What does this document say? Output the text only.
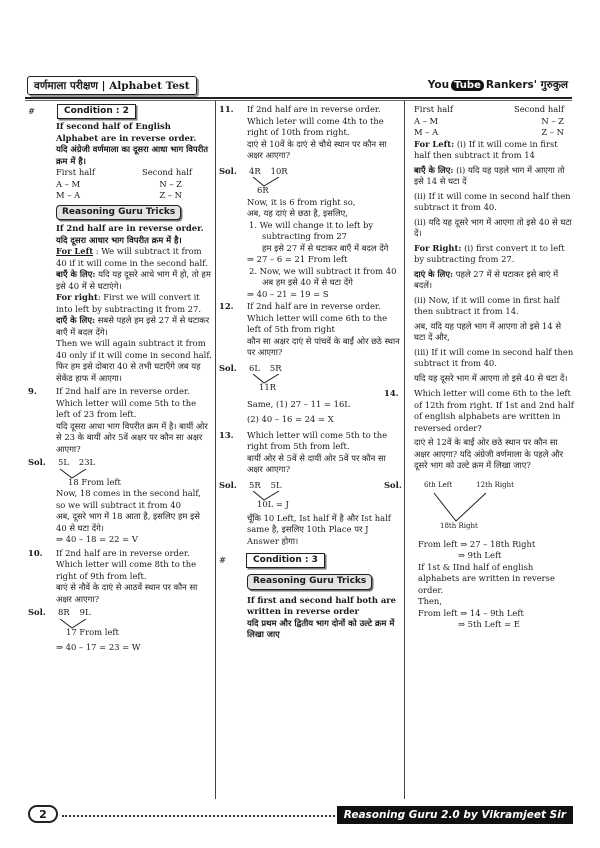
वर्णमाला परीक्षण | Alphabet Test	You Tube Rankers' गुरुकुल
#	Condition : 2

If second half of English Alphabet are in reverse order.

यदि अंग्रेजी वर्णमाला का दूसरा आधा भाग विपरीत क्रम में है।

First half	Second half
A – M	N – Z
M – A	Z – N
Reasoning Guru Tricks

If 2nd half are in reverse order.

यदि दूसरा आधार भाग विपरीत क्रम में है।

For Left : We will subtract it from 40 if it will come in the second half.

बाएँ के लिए: यदि यह दूसरे आधे भाग में हो, तो हम इसे 40 में से घटाएंगे।

For right: First we will convert it into left by subtracting it from 27.

दाएँ के लिए: सबसे पहले हम इसे 27 में से घटाकर बाएँ में बदल देंगे।

Then we will again subtract it from 40 only if it will come in second half.

फिर हम इसे दोबारा 40 से तभी घटाएँगे जब यह सेकेंड हाफ में आएगा।

9.	If 2nd half are in reverse order. Which letter will come 5th to the left of 23 from left.

यदि दूसरा आधा भाग विपरीत क्रम में है। बायीं ओर से 23 के बायीं ओर 5वें अक्षर पर कौन सा अक्षर आएगा?

Sol.	5L 23L

18 From left

Now, 18 comes in the second half, so we will subtract it from 40

अब, दूसरे भाग में 18 आता है, इसलिए हम इसे 40 से घटा देंगे।

⇒ 40 – 18 = 22 = V

10.	If 2nd half are in reverse order. Which letter will come 8th to the right of 9th from left.

बाएं से नौवें के दाएं से आठवें स्थान पर कौन सा अक्षर आएगा?

Sol.	8R 9L

17 From left

⇒ 40 – 17 = 23 = W

11.	If 2nd half are in reverse order. Which leter will come 4th to the right of 10th from right.

दाएं से 10वें के दाएं से चौथे स्थान पर कौन सा अक्षर आएगा?

Sol.	4R 10R

6R

Now, it is 6 from right so,

अब, यह दाएं से छठा है, इसलिए,

1. We will change it to left by subtracting from 27

हम इसे 27 में से घटाकर बाएँ में बदल देंगे

⇒ 27 – 6 = 21 From left

2. Now, we will subtract it from 40

अब हम इसे 40 में से घटा देंगे

⇒ 40 – 21 = 19 = S

12.	If 2nd half are in reverse order. Which letter will come 6th to the left of 5th from right

कौन सा अक्षर दाएं से पांचवें के बाईं ओर छठे स्थान पर आएगा?

Sol.	6L 5R

11R

Same, (1) 27 – 11 = 16L

(2) 40 – 16 = 24 = X

13.	Which letter will come 5th to the right from 5th from left.

बायीं ओर से 5वें से दायीं ओर 5वें पर कौन सा अक्षर आएगा?

Sol.	5R 5L

10L = J

चूँकि 10 Left, Ist half में है और Ist half same है, इसलिए 10th Place पर J Answer होगा।

#	Condition : 3
Reasoning Guru Tricks

If first and second half both are written in reverse order

यदि प्रथम और द्वितीय भाग दोनों को उल्टे क्रम में लिखा जाए

First half	Second half
A – M	N – Z
M – A	Z – N

For Left: (i) If it will come in first half then subtract it from 14

बाएँ के लिए: (i) यदि यह पहले भाग में आएगा तो इसे 14 से घटा दें

(ii) If it will come in second half then subtract it from 40.

(ii) यदि यह दूसरे भाग में आएगा तो इसे 40 से घटा दें।

For Right: (i) first convert it to left by subtracting from 27.

दाएं के लिए: पहले 27 में से घटाकर इसे बाएं में बदलें।

(ii) Now, if it will come in first half then subtract it from 14.

अब, यदि यह पहले भाग में आएगा तो इसे 14 से घटा दें और,

(iii) If it will come in second half then subtract it from 40.

यदि यह दूसरे भाग में आएगा तो इसे 40 से घटा दें।

14.	Which letter will come 6th to the left of 12th from right. If 1st and 2nd half of english alphabets are written in reversed order?

दाएं से 12वें के बाईं ओर छठे स्थान पर कौन सा अक्षर आएगा? यदि अंग्रेजी वर्णमाला के पहले और दूसरे भाग को उल्टे क्रम में लिखा जाए?

Sol.	6th Left	12th Right

18th Right

From left ⇒ 27 – 18th Right

⇒ 9th Left

If 1st & IInd half of english alphabets are written in reverse order.

Then,

From left ⇒ 14 – 9th Left

⇒ 5th Left = E

2	Reasoning Guru 2.0 by Vikramjeet Sir
